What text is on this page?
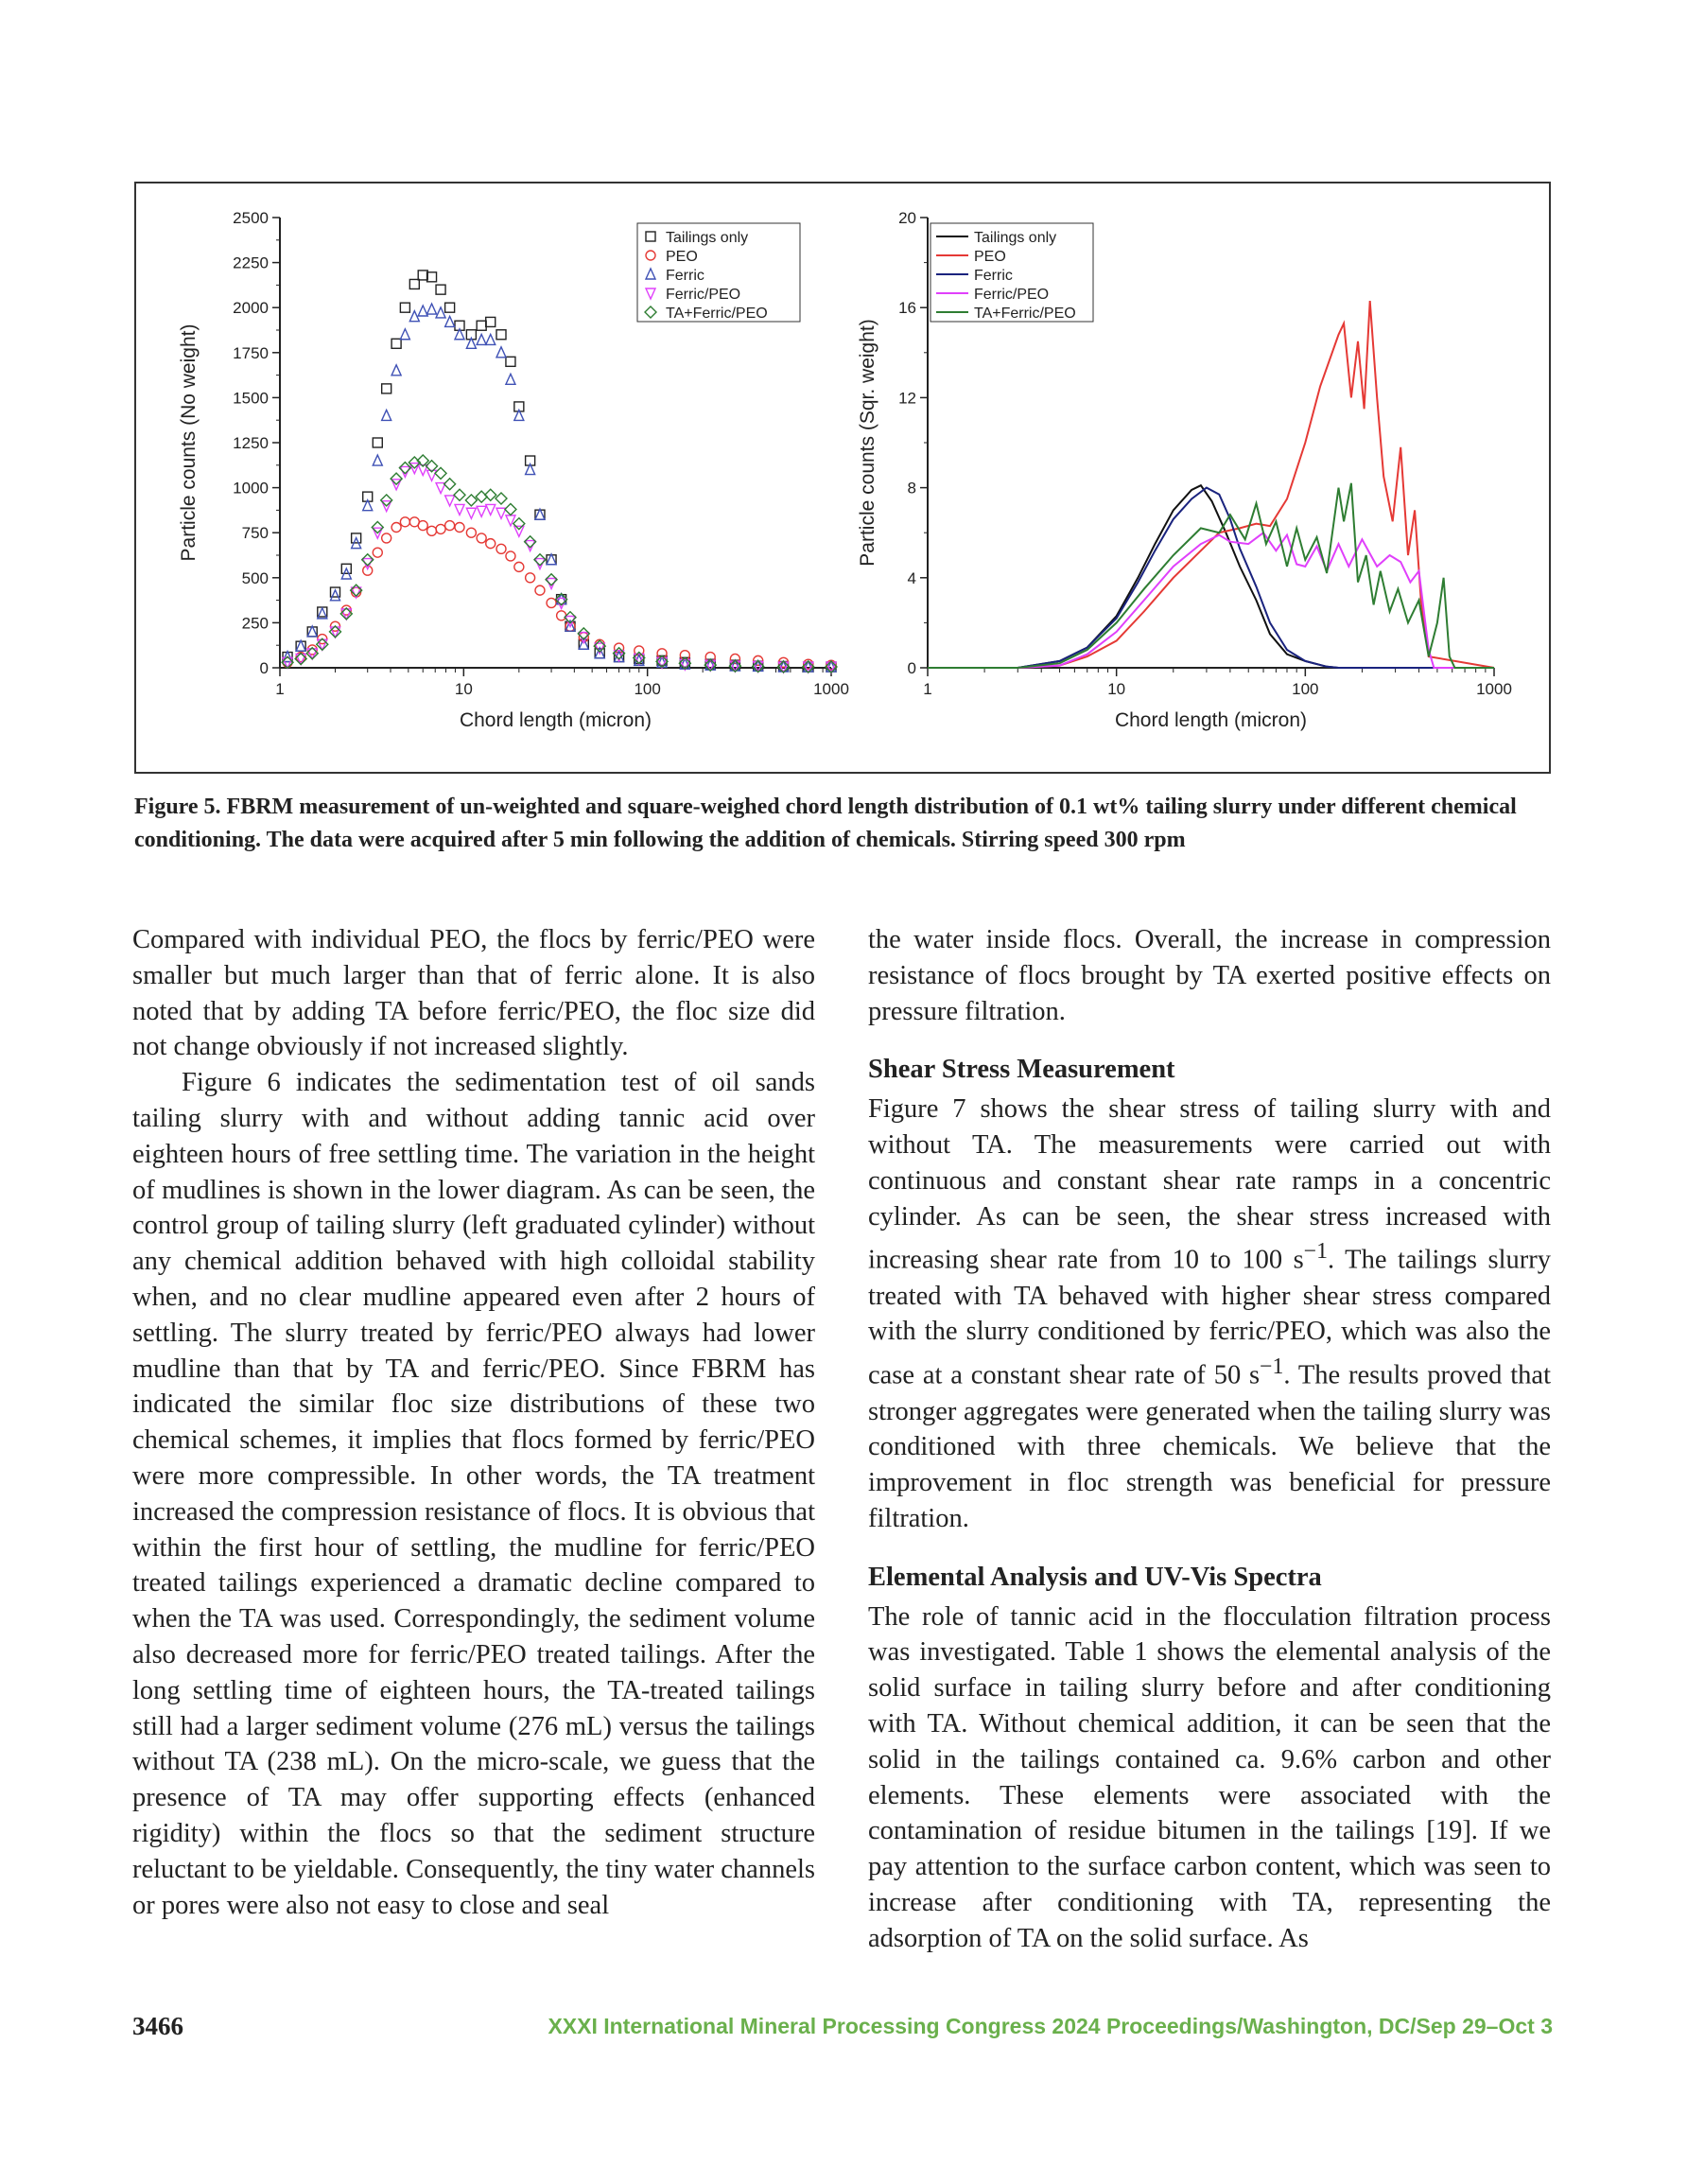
0
250
500
750
1000
1250
1500
1750
2000
2250
2500
1	10	100	1000
Chord length (micron)
Particle counts (No weight)
Tailings only
PEO
Ferric
Ferric/PEO
TA+Ferric/PEO
0
4
8
12
16
20
1	10	100	1000
Chord length (micron)
Particle counts (Sqr. weight)
Tailings only
PEO
Ferric
Ferric/PEO
TA+Ferric/PEO
Figure 5. FBRM measurement of un-weighted and square-weighed chord length distribution of 0.1 wt% tailing slurry under different chemical conditioning. The data were acquired after 5 min following the addition of chemicals. Stirring speed 300 rpm

Compared with individual PEO, the flocs by ferric/PEO were smaller but much larger than that of ferric alone. It is also noted that by adding TA before ferric/PEO, the floc size did not change obviously if not increased slightly.

Figure 6 indicates the sedimentation test of oil sands tailing slurry with and without adding tannic acid over eighteen hours of free settling time. The variation in the height of mudlines is shown in the lower diagram. As can be seen, the control group of tailing slurry (left graduated cylinder) without any chemical addition behaved with high colloidal stability when, and no clear mudline appeared even after 2 hours of settling. The slurry treated by ferric/PEO always had lower mudline than that by TA and ferric/PEO. Since FBRM has indicated the similar floc size distributions of these two chemical schemes, it implies that flocs formed by ferric/PEO were more compressible. In other words, the TA treatment increased the compression resistance of flocs. It is obvious that within the first hour of settling, the mudline for ferric/PEO treated tailings experienced a dramatic decline compared to when the TA was used. Correspondingly, the sediment volume also decreased more for ferric/PEO treated tailings. After the long settling time of eighteen hours, the TA-treated tailings still had a larger sediment volume (276 mL) versus the tailings without TA (238 mL). On the micro-scale, we guess that the presence of TA may offer supporting effects (enhanced rigidity) within the flocs so that the sediment structure reluctant to be yieldable. Consequently, the tiny water channels or pores were also not easy to close and seal

the water inside flocs. Overall, the increase in compression resistance of flocs brought by TA exerted positive effects on pressure filtration.

Shear Stress Measurement

Figure 7 shows the shear stress of tailing slurry with and without TA. The measurements were carried out with continuous and constant shear rate ramps in a concentric cylinder. As can be seen, the shear stress increased with increasing shear rate from 10 to 100 $s^{-1}$. The tailings slurry treated with TA behaved with higher shear stress compared with the slurry conditioned by ferric/PEO, which was also the case at a constant shear rate of 50 $s^{-1}$. The results proved that stronger aggregates were generated when the tailing slurry was conditioned with three chemicals. We believe that the improvement in floc strength was beneficial for pressure filtration.

Elemental Analysis and UV-Vis Spectra

The role of tannic acid in the flocculation filtration process was investigated. Table 1 shows the elemental analysis of the solid surface in tailing slurry before and after conditioning with TA. Without chemical addition, it can be seen that the solid in the tailings contained ca. 9.6% carbon and other elements. These elements were associated with the contamination of residue bitumen in the tailings [19]. If we pay attention to the surface carbon content, which was seen to increase after conditioning with TA, representing the adsorption of TA on the solid surface. As

3466	XXXI International Mineral Processing Congress 2024 Proceedings/Washington, DC/Sep 29–Oct 3
